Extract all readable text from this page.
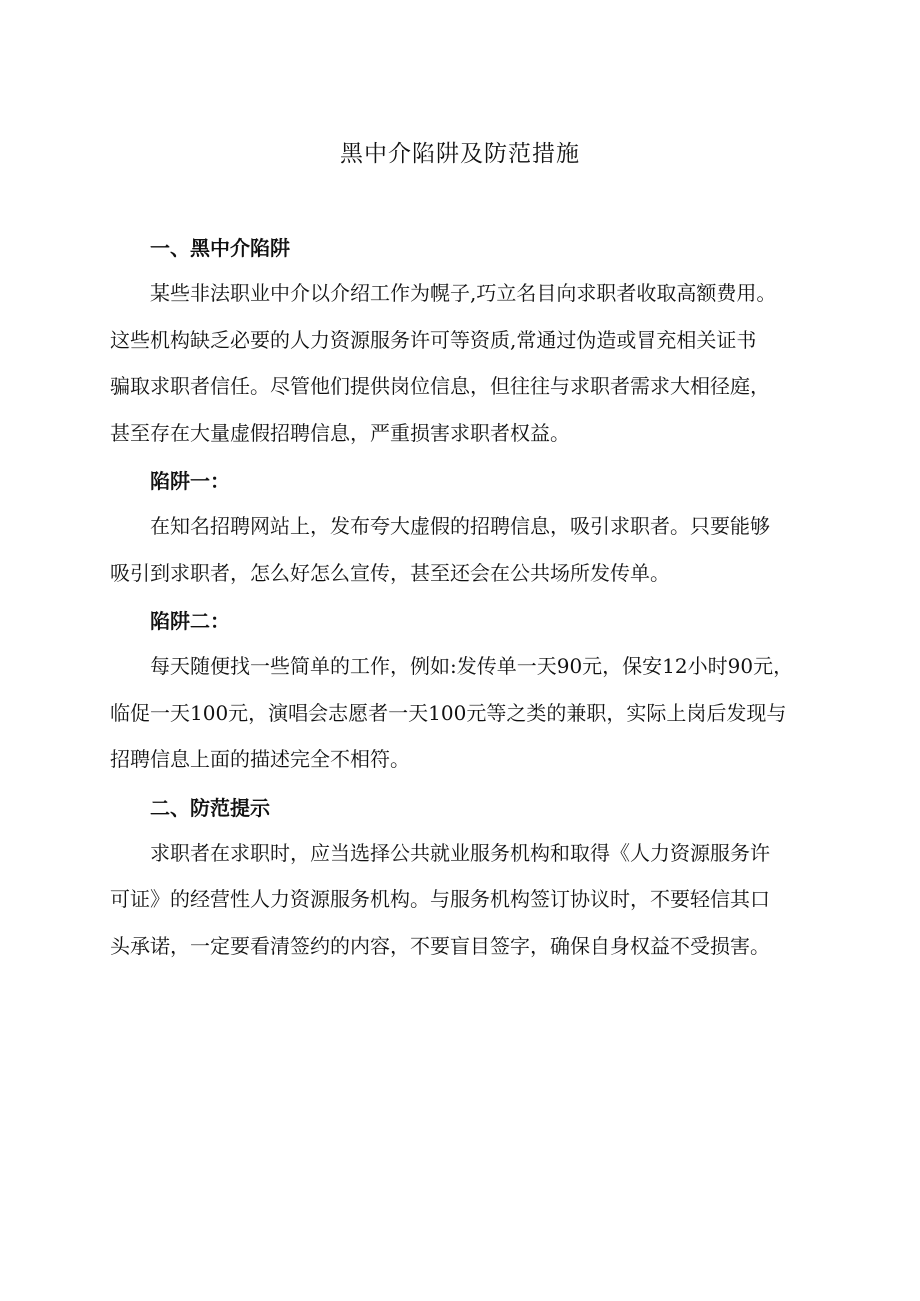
黑中介陷阱及防范措施
一、黑中介陷阱

某些非法职业中介以介绍工作为幌子,巧立名目向求职者收取高额费用。
这些机构缺乏必要的人力资源服务许可等资质,常通过伪造或冒充相关证书
骗取求职者信任。尽管他们提供岗位信息，但往往与求职者需求大相径庭，
甚至存在大量虚假招聘信息，严重损害求职者权益。

陷阱一：

在知名招聘网站上，发布夸大虚假的招聘信息，吸引求职者。只要能够
吸引到求职者，怎么好怎么宣传，甚至还会在公共场所发传单。

陷阱二：

每天随便找一些简单的工作，例如:发传单一天90元，保安12小时90元，
临促一天100元，演唱会志愿者一天100元等之类的兼职，实际上岗后发现与
招聘信息上面的描述完全不相符。

二、防范提示

求职者在求职时，应当选择公共就业服务机构和取得《人力资源服务许
可证》的经营性人力资源服务机构。与服务机构签订协议时，不要轻信其口
头承诺，一定要看清签约的内容，不要盲目签字，确保自身权益不受损害。
